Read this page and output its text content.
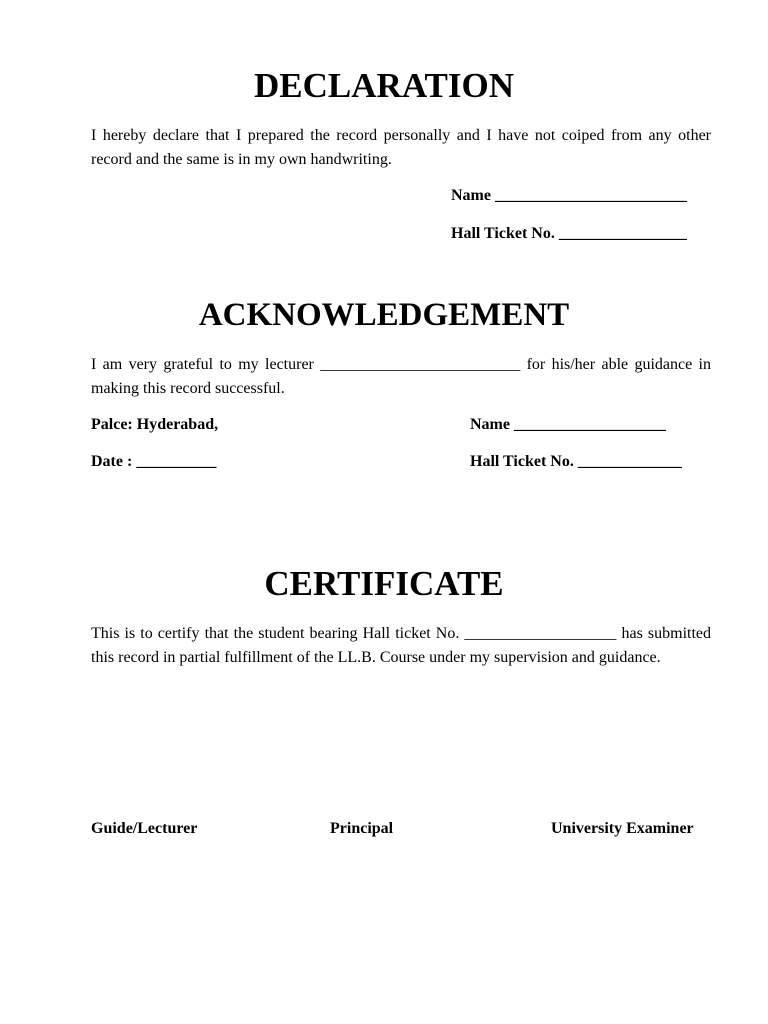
DECLARATION

I hereby declare that I prepared the record personally and I have not coiped from any other record and the same is in my own handwriting.

Name ________________________

Hall Ticket No. ________________

ACKNOWLEDGEMENT

I am very grateful to my lecturer _________________________ for his/her able guidance in making this record successful.

Palce: Hyderabad,	Name ___________________

Date : __________	Hall Ticket No. _____________

CERTIFICATE

This is to certify that the student bearing Hall ticket No. ___________________ has submitted this record in partial fulfillment of the LL.B. Course under my supervision and guidance.

Guide/Lecturer	Principal	University Examiner
